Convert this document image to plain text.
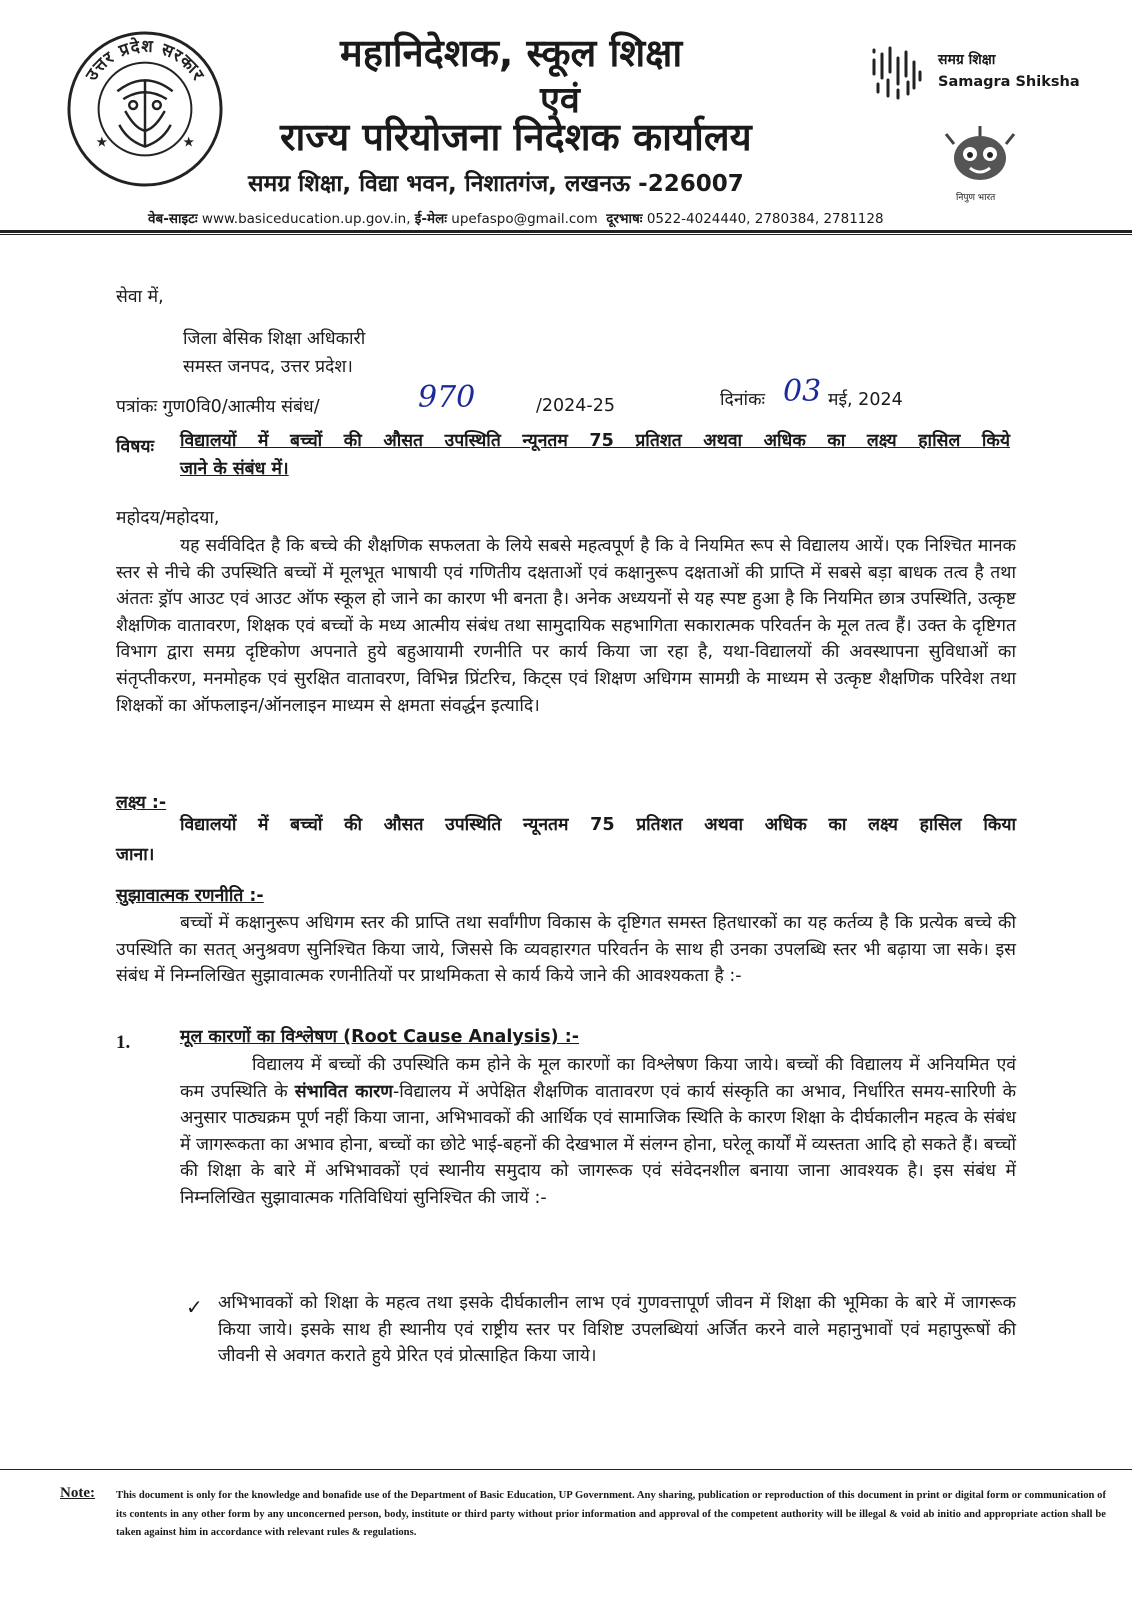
उत्तर प्रदेश सरकार
★	★
महानिदेशक, स्कूल शिक्षा
एवं
राज्य परियोजना निदेशक कार्यालय
समग्र शिक्षा, विद्या भवन, निशातगंज, लखनऊ -226007
समग्र शिक्षा
Samagra Shiksha
निपुण भारत
वेब-साइटः www.basiceducation.up.gov.in, ई-मेलः upefaspo@gmail.com दूरभाषः 0522-4024440, 2780384, 2781128
सेवा में,
जिला बेसिक शिक्षा अधिकारी
समस्त जनपद, उत्तर प्रदेश।
पत्रांकः गुण0वि0/आत्मीय संबंध/	970	/2024-25	दिनांकः 03 मई, 2024
विषयः विद्यालयों में बच्चों की औसत उपस्थिति न्यूनतम 75 प्रतिशत अथवा अधिक का लक्ष्य हासिल किये
जाने के संबंध में।
महोदय/महोदया,
यह सर्वविदित है कि बच्चे की शैक्षणिक सफलता के लिये सबसे महत्वपूर्ण है कि वे नियमित रूप से विद्यालय आयें। एक निश्चित मानक स्तर से नीचे की उपस्थिति बच्चों में मूलभूत भाषायी एवं गणितीय दक्षताओं एवं कक्षानुरूप दक्षताओं की प्राप्ति में सबसे बड़ा बाधक तत्व है तथा अंततः ड्रॉप आउट एवं आउट ऑफ स्कूल हो जाने का कारण भी बनता है। अनेक अध्ययनों से यह स्पष्ट हुआ है कि नियमित छात्र उपस्थिति, उत्कृष्ट शैक्षणिक वातावरण, शिक्षक एवं बच्चों के मध्य आत्मीय संबंध तथा सामुदायिक सहभागिता सकारात्मक परिवर्तन के मूल तत्व हैं। उक्त के दृष्टिगत विभाग द्वारा समग्र दृष्टिकोण अपनाते हुये बहुआयामी रणनीति पर कार्य किया जा रहा है, यथा-विद्यालयों की अवस्थापना सुविधाओं का संतृप्तीकरण, मनमोहक एवं सुरक्षित वातावरण, विभिन्न प्रिंटरिच, किट्स एवं शिक्षण अधिगम सामग्री के माध्यम से उत्कृष्ट शैक्षणिक परिवेश तथा शिक्षकों का ऑफलाइन/ऑनलाइन माध्यम से क्षमता संवर्द्धन इत्यादि।
लक्ष्य :-
विद्यालयों में बच्चों की औसत उपस्थिति न्यूनतम 75 प्रतिशत अथवा अधिक का लक्ष्य हासिल किया
जाना।
सुझावात्मक रणनीति :-
बच्चों में कक्षानुरूप अधिगम स्तर की प्राप्ति तथा सर्वांगीण विकास के दृष्टिगत समस्त हितधारकों का यह कर्तव्य है कि प्रत्येक बच्चे की उपस्थिति का सतत् अनुश्रवण सुनिश्चित किया जाये, जिससे कि व्यवहारगत परिवर्तन के साथ ही उनका उपलब्धि स्तर भी बढ़ाया जा सके। इस संबंध में निम्नलिखित सुझावात्मक रणनीतियों पर प्राथमिकता से कार्य किये जाने की आवश्यकता है :-
1.	मूल कारणों का विश्लेषण (Root Cause Analysis) :-
विद्यालय में बच्चों की उपस्थिति कम होने के मूल कारणों का विश्लेषण किया जाये। बच्चों की विद्यालय में अनियमित एवं कम उपस्थिति के संभावित कारण-विद्यालय में अपेक्षित शैक्षणिक वातावरण एवं कार्य संस्कृति का अभाव, निर्धारित समय-सारिणी के अनुसार पाठ्यक्रम पूर्ण नहीं किया जाना, अभिभावकों की आर्थिक एवं सामाजिक स्थिति के कारण शिक्षा के दीर्घकालीन महत्व के संबंध में जागरूकता का अभाव होना, बच्चों का छोटे भाई-बहनों की देखभाल में संलग्न होना, घरेलू कार्यों में व्यस्तता आदि हो सकते हैं। बच्चों की शिक्षा के बारे में अभिभावकों एवं स्थानीय समुदाय को जागरूक एवं संवेदनशील बनाया जाना आवश्यक है। इस संबंध में निम्नलिखित सुझावात्मक गतिविधियां सुनिश्चित की जायें :-
✓ अभिभावकों को शिक्षा के महत्व तथा इसके दीर्घकालीन लाभ एवं गुणवत्तापूर्ण जीवन में शिक्षा की भूमिका के बारे में जागरूक किया जाये। इसके साथ ही स्थानीय एवं राष्ट्रीय स्तर पर विशिष्ट उपलब्धियां अर्जित करने वाले महानुभावों एवं महापुरूषों की जीवनी से अवगत कराते हुये प्रेरित एवं प्रोत्साहित किया जाये।
Note: This document is only for the knowledge and bonafide use of the Department of Basic Education, UP Government. Any sharing, publication or reproduction of this document in print or digital form or communication of its contents in any other form by any unconcerned person, body, institute or third party without prior information and approval of the competent authority will be illegal & void ab initio and appropriate action shall be taken against him in accordance with relevant rules & regulations.
